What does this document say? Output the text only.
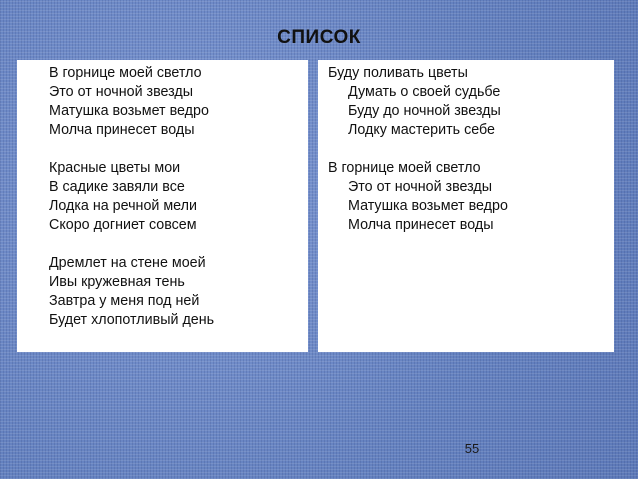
СПИСОК
В горнице моей светло
Это от ночной звезды
Матушка возьмет ведро
Молча принесет воды
Красные цветы мои
В садике завяли все
Лодка на речной мели
Скоро догниет совсем
Дремлет на стене моей
Ивы кружевная тень
Завтра у меня под ней
Будет хлопотливый день
Буду поливать цветы
Думать о своей судьбе
Буду до ночной звезды
Лодку мастерить себе
В горнице моей светло
Это от ночной звезды
Матушка возьмет ведро
Молча принесет воды
55
